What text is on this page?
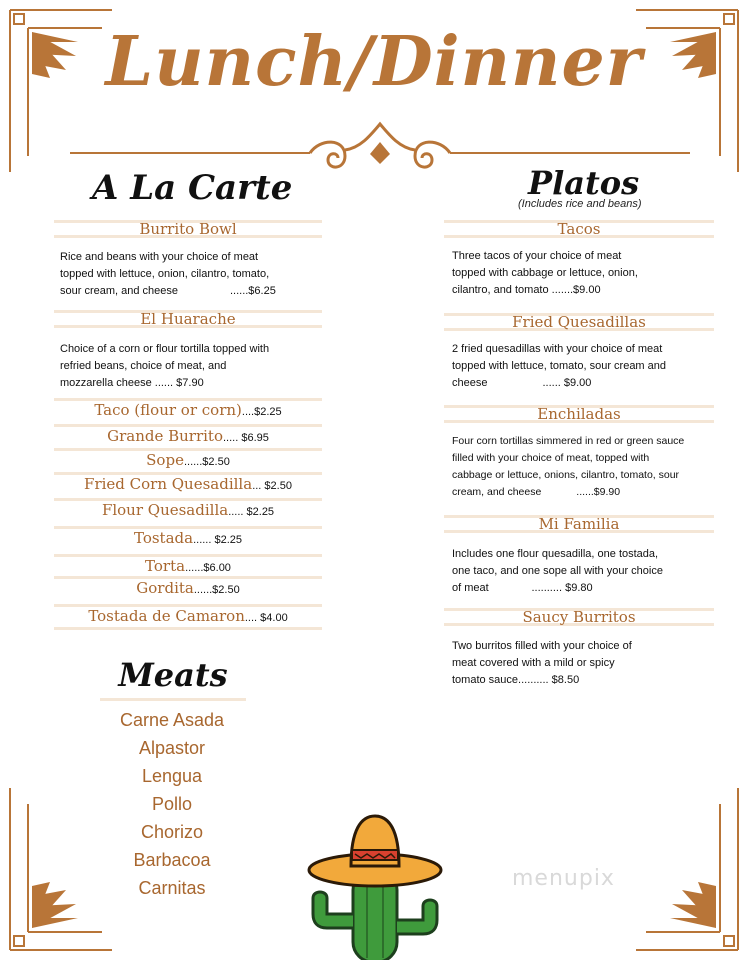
Lunch/Dinner
A La Carte
Burrito Bowl
Rice and beans with your choice of meat
topped with lettuce, onion, cilantro, tomato,
sour cream, and cheese                 ......$6.25
El Huarache
Choice of a corn or flour tortilla topped with
refried beans, choice of meat, and
mozzarella cheese ...... $7.90
Taco (flour or corn)....$2.25
Grande Burrito..... $6.95
Sope......$2.50
Fried Corn Quesadilla... $2.50
Flour Quesadilla..... $2.25
Tostada...... $2.25
Torta......$6.00
Gordita......$2.50
Tostada de Camaron.... $4.00
Meats
Carne Asada
Alpastor
Lengua
Pollo
Chorizo
Barbacoa
Carnitas
Platos
(Includes rice and beans)
Tacos
Three tacos of your choice of meat
topped with cabbage or lettuce, onion,
cilantro, and tomato .......$9.00
Fried Quesadillas
2 fried quesadillas with your choice of meat
topped with lettuce, tomato, sour cream and
cheese                  ...... $9.00
Enchiladas
Four corn tortillas simmered in red or green sauce
filled with your choice of meat, topped with
cabbage or lettuce, onions, cilantro, tomato, sour
cream, and cheese            ......$9.90
Mi Familia
Includes one flour quesadilla, one tostada,
one taco, and one sope all with your choice
of meat              .......... $9.80
Saucy Burritos
Two burritos filled with your choice of
meat covered with a mild or spicy
tomato sauce.......... $8.50
menupix
